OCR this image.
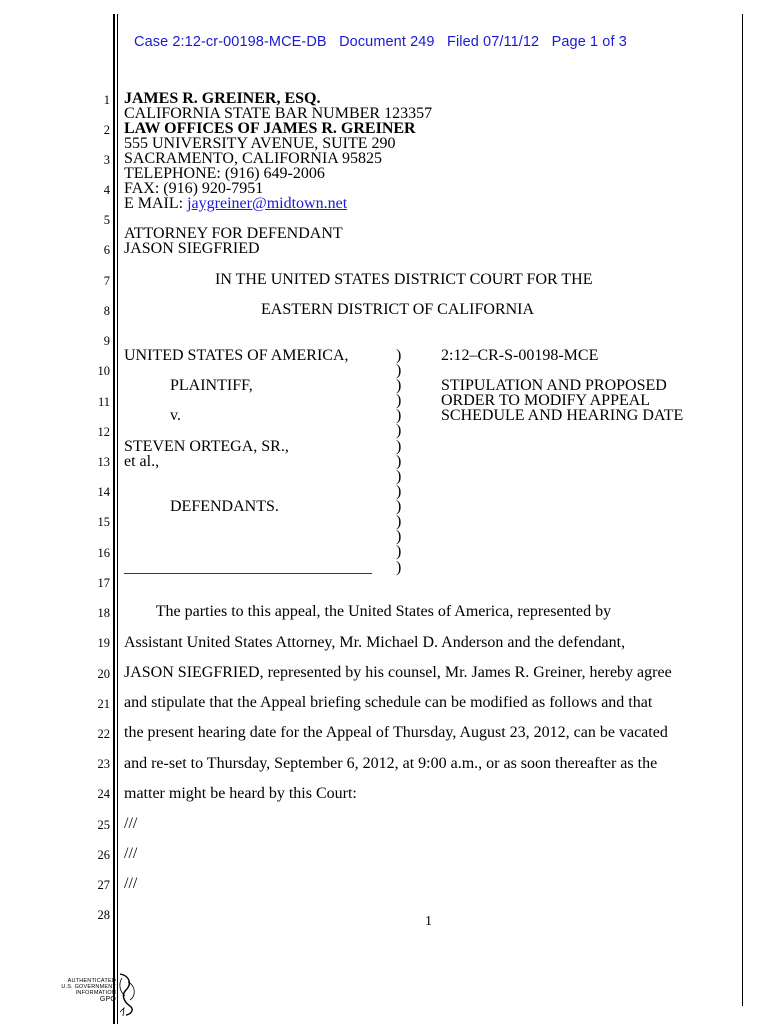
Case 2:12-cr-00198-MCE-DB Document 249 Filed 07/11/12 Page 1 of 3
1
2
3
4
5
6
7
8
9
10
11
12
13
14
15
16
17
18
19
20
21
22
23
24
25
26
27
28
JAMES R. GREINER, ESQ.
CALIFORNIA STATE BAR NUMBER 123357
LAW OFFICES OF JAMES R. GREINER
555 UNIVERSITY AVENUE, SUITE 290
SACRAMENTO, CALIFORNIA 95825
TELEPHONE: (916) 649-2006
FAX: (916) 920-7951
E MAIL: jaygreiner@midtown.net
ATTORNEY FOR DEFENDANT
JASON SIEGFRIED
IN THE UNITED STATES DISTRICT COURT FOR THE
EASTERN DISTRICT OF CALIFORNIA
UNITED STATES OF AMERICA,
PLAINTIFF,
v.
STEVEN ORTEGA, SR.,
et al.,
DEFENDANTS.
_______________________________
)
)
)
)
)
)
)
)
)
)
)
)
)
)
)
2:12–CR-S-00198-MCE
STIPULATION AND PROPOSED
ORDER TO MODIFY APPEAL
SCHEDULE AND HEARING DATE
The parties to this appeal, the United States of America, represented by
Assistant United States Attorney, Mr. Michael D. Anderson and the defendant,
JASON SIEGFRIED, represented by his counsel, Mr. James R. Greiner, hereby agree
and stipulate that the Appeal briefing schedule can be modified as follows and that
the present hearing date for the Appeal of Thursday, August 23, 2012, can be vacated
and re-set to Thursday, September 6, 2012, at 9:00 a.m., or as soon thereafter as the
matter might be heard by this Court:
///
///
///
1
AUTHENTICATED
U.S. GOVERNMENT
INFORMATION
GPO
